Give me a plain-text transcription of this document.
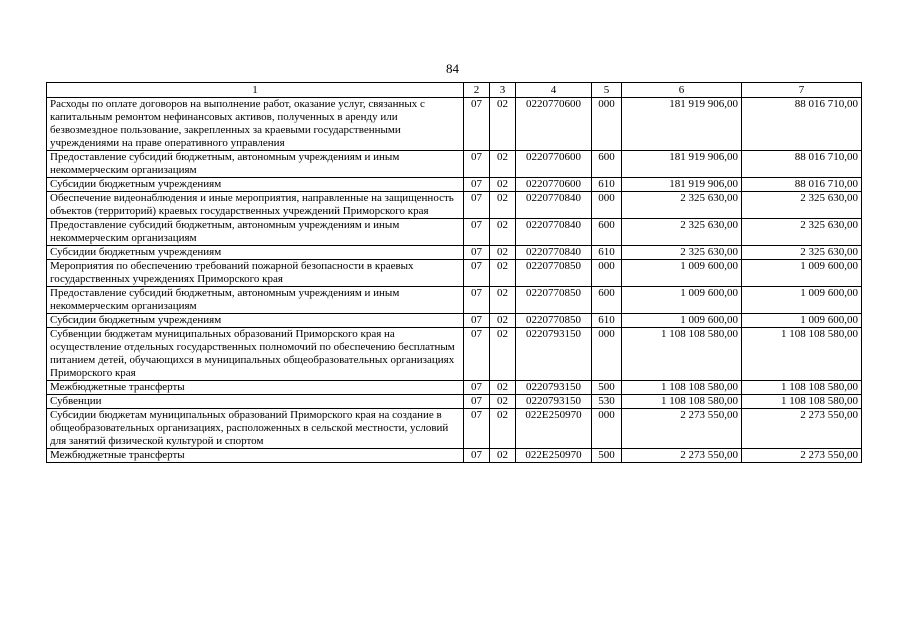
84
1	2	3	4	5	6	7
Расходы по оплате договоров на выполнение работ, оказание услуг, связанных с капитальным ремонтом нефинансовых активов, полученных в аренду или безвозмездное пользование, закрепленных за краевыми государственными учреждениями на праве оперативного управления	07	02	0220770600	000	181 919 906,00	88 016 710,00
Предоставление субсидий бюджетным, автономным учреждениям и иным некоммерческим организациям	07	02	0220770600	600	181 919 906,00	88 016 710,00
Субсидии бюджетным учреждениям	07	02	0220770600	610	181 919 906,00	88 016 710,00
Обеспечение видеонаблюдения и иные мероприятия, направленные на защищенность объектов (территорий) краевых государственных учреждений Приморского края	07	02	0220770840	000	2 325 630,00	2 325 630,00
Предоставление субсидий бюджетным, автономным учреждениям и иным некоммерческим организациям	07	02	0220770840	600	2 325 630,00	2 325 630,00
Субсидии бюджетным учреждениям	07	02	0220770840	610	2 325 630,00	2 325 630,00
Мероприятия по обеспечению требований пожарной безопасности в краевых государственных учреждениях Приморского края	07	02	0220770850	000	1 009 600,00	1 009 600,00
Предоставление субсидий бюджетным, автономным учреждениям и иным некоммерческим организациям	07	02	0220770850	600	1 009 600,00	1 009 600,00
Субсидии бюджетным учреждениям	07	02	0220770850	610	1 009 600,00	1 009 600,00
Субвенции бюджетам муниципальных образований Приморского края на осуществление отдельных государственных полномочий по обеспечению бесплатным питанием детей, обучающихся в муниципальных общеобразовательных организациях Приморского края	07	02	0220793150	000	1 108 108 580,00	1 108 108 580,00
Межбюджетные трансферты	07	02	0220793150	500	1 108 108 580,00	1 108 108 580,00
Субвенции	07	02	0220793150	530	1 108 108 580,00	1 108 108 580,00
Субсидии бюджетам муниципальных образований Приморского края на создание в общеобразовательных организациях, расположенных в сельской местности, условий для занятий физической культурой и спортом	07	02	022E250970	000	2 273 550,00	2 273 550,00
Межбюджетные трансферты	07	02	022E250970	500	2 273 550,00	2 273 550,00
